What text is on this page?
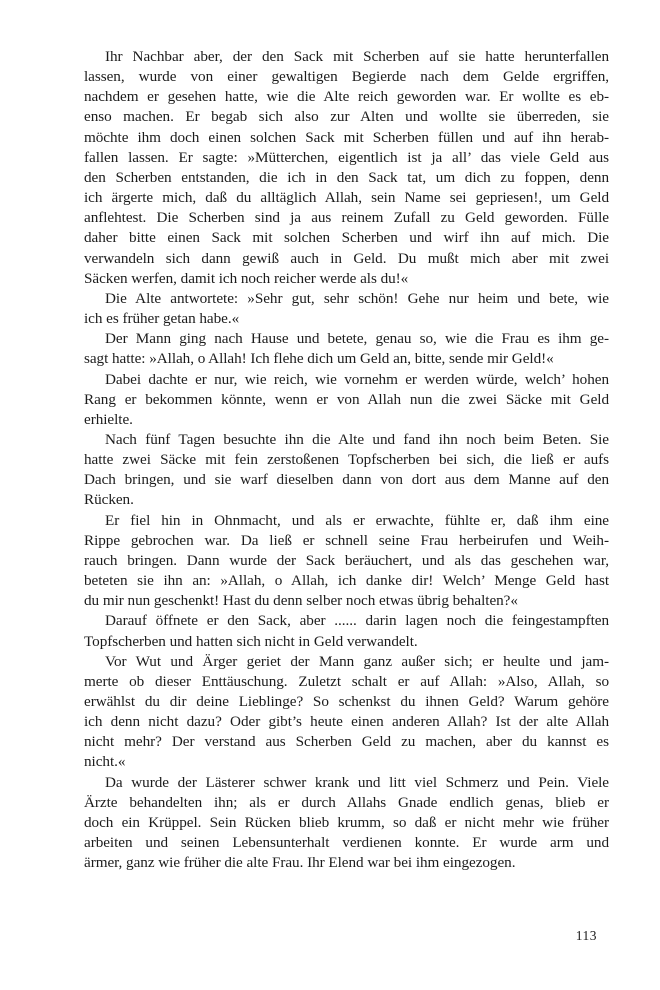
Ihr Nachbar aber, der den Sack mit Scherben auf sie hatte herunterfallen
lassen, wurde von einer gewaltigen Begierde nach dem Gelde ergriffen,
nachdem er gesehen hatte, wie die Alte reich geworden war. Er wollte es eb-
enso machen. Er begab sich also zur Alten und wollte sie überreden, sie
möchte ihm doch einen solchen Sack mit Scherben füllen und auf ihn herab-
fallen lassen. Er sagte: »Mütterchen, eigentlich ist ja all’ das viele Geld aus
den Scherben entstanden, die ich in den Sack tat, um dich zu foppen, denn
ich ärgerte mich, daß du alltäglich Allah, sein Name sei gepriesen!, um Geld
anflehtest. Die Scherben sind ja aus reinem Zufall zu Geld geworden. Fülle
daher bitte einen Sack mit solchen Scherben und wirf ihn auf mich. Die
verwandeln sich dann gewiß auch in Geld. Du mußt mich aber mit zwei
Säcken werfen, damit ich noch reicher werde als du!«
Die Alte antwortete: »Sehr gut, sehr schön! Gehe nur heim und bete, wie
ich es früher getan habe.«
Der Mann ging nach Hause und betete, genau so, wie die Frau es ihm ge-
sagt hatte: »Allah, o Allah! Ich flehe dich um Geld an, bitte, sende mir Geld!«
Dabei dachte er nur, wie reich, wie vornehm er werden würde, welch’ hohen
Rang er bekommen könnte, wenn er von Allah nun die zwei Säcke mit Geld
erhielte.
Nach fünf Tagen besuchte ihn die Alte und fand ihn noch beim Beten. Sie
hatte zwei Säcke mit fein zerstoßenen Topfscherben bei sich, die ließ er aufs
Dach bringen, und sie warf dieselben dann von dort aus dem Manne auf den
Rücken.
Er fiel hin in Ohnmacht, und als er erwachte, fühlte er, daß ihm eine
Rippe gebrochen war. Da ließ er schnell seine Frau herbeirufen und Weih-
rauch bringen. Dann wurde der Sack beräuchert, und als das geschehen war,
beteten sie ihn an: »Allah, o Allah, ich danke dir! Welch’ Menge Geld hast
du mir nun geschenkt! Hast du denn selber noch etwas übrig behalten?«
Darauf öffnete er den Sack, aber ...... darin lagen noch die feingestampften
Topfscherben und hatten sich nicht in Geld verwandelt.
Vor Wut und Ärger geriet der Mann ganz außer sich; er heulte und jam-
merte ob dieser Enttäuschung. Zuletzt schalt er auf Allah: »Also, Allah, so
erwählst du dir deine Lieblinge? So schenkst du ihnen Geld? Warum gehöre
ich denn nicht dazu? Oder gibt’s heute einen anderen Allah? Ist der alte Allah
nicht mehr? Der verstand aus Scherben Geld zu machen, aber du kannst es
nicht.«
Da wurde der Lästerer schwer krank und litt viel Schmerz und Pein. Viele
Ärzte behandelten ihn; als er durch Allahs Gnade endlich genas, blieb er
doch ein Krüppel. Sein Rücken blieb krumm, so daß er nicht mehr wie früher
arbeiten und seinen Lebensunterhalt verdienen konnte. Er wurde arm und
ärmer, ganz wie früher die alte Frau. Ihr Elend war bei ihm eingezogen.
113
